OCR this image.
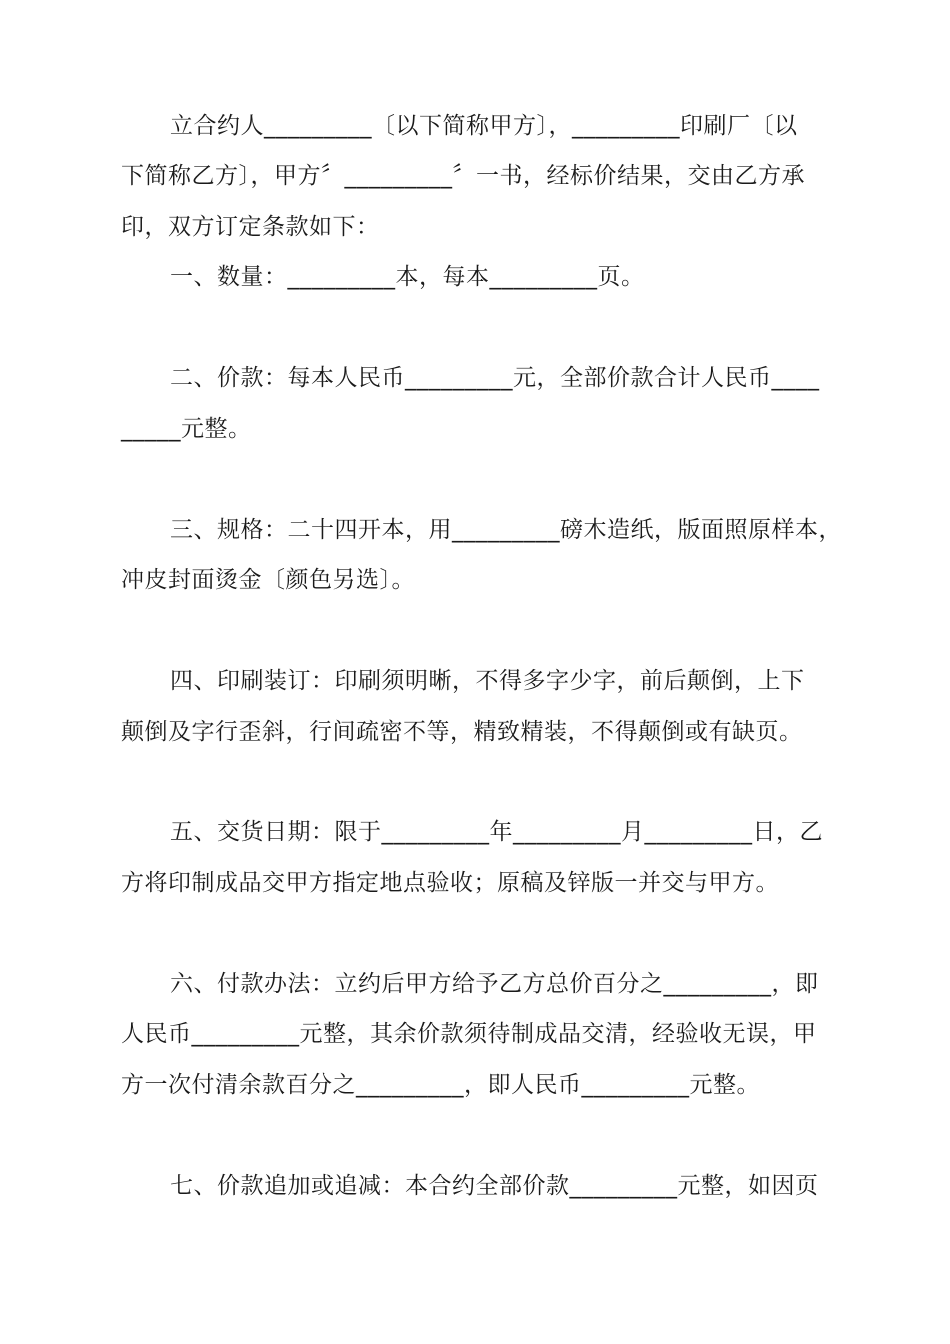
立合约人_________〔以下简称甲方〕，_________印刷厂〔以
下简称乙方〕，甲方〞_________〞一书，经标价结果，交由乙方承
印，双方订定条款如下：
一、数量：_________本，每本_________页。
二、价款：每本人民币_________元，全部价款合计人民币____
_____元整。
三、规格：二十四开本，用_________磅木造纸，版面照原样本，
冲皮封面烫金〔颜色另选〕。
四、印刷装订：印刷须明晰，不得多字少字，前后颠倒，上下
颠倒及字行歪斜，行间疏密不等，精致精装，不得颠倒或有缺页。
五、交货日期：限于_________年_________月_________日，乙
方将印制成品交甲方指定地点验收；原稿及锌版一并交与甲方。
六、付款办法：立约后甲方给予乙方总价百分之_________，即
人民币_________元整，其余价款须待制成品交清，经验收无误，甲
方一次付清余款百分之_________，即人民币_________元整。
七、价款追加或追减：本合约全部价款_________元整，如因页
